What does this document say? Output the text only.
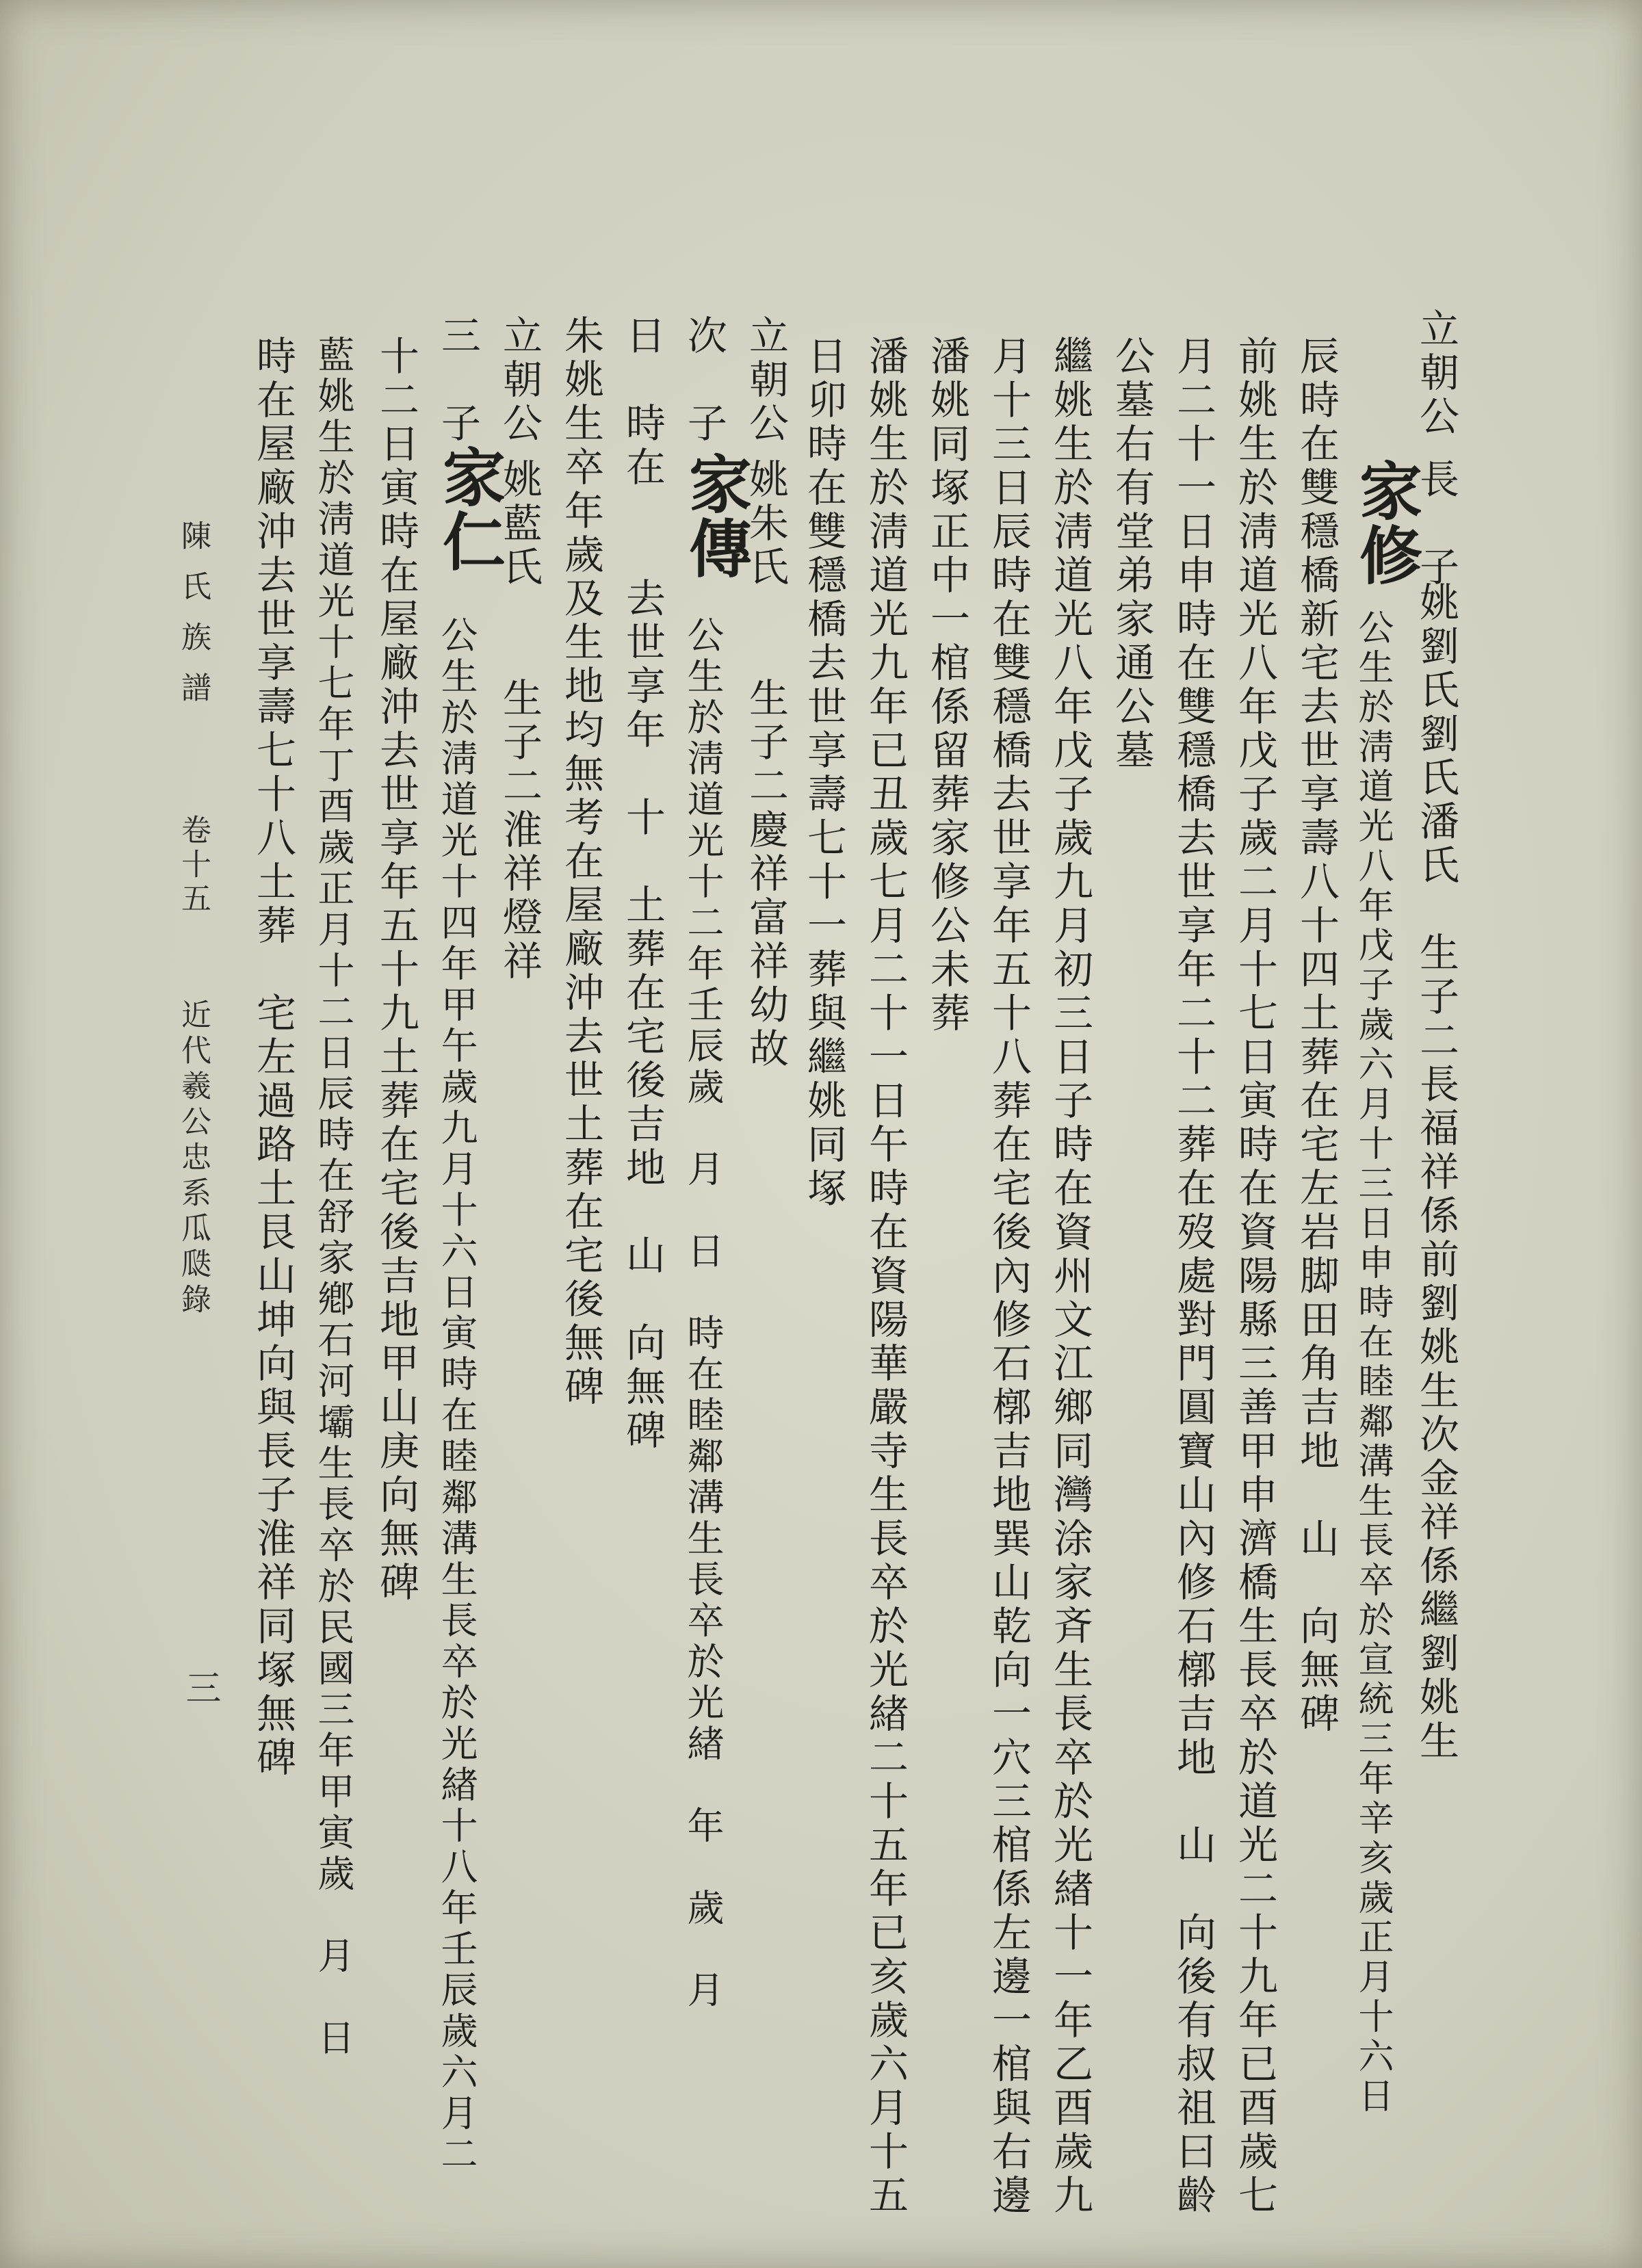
立朝公
長　子
家修
姚劉氏劉氏潘氏　生子二長福祥係前劉姚生次金祥係繼劉姚生
公生於淸道光八年戊子歲六月十三日申時在睦鄰溝生長卒於宣統三年辛亥歲正月十六日
辰時在雙穩橋新宅去世享壽八十四土葬在宅左岩脚田角吉地　山　向無碑
前姚生於淸道光八年戊子歲二月十七日寅時在資陽縣三善甲申濟橋生長卒於道光二十九年已酉歲七
月二十一日申時在雙穩橋去世享年二十二葬在歿處對門圓寶山內修石槨吉地　山　向後有叔祖曰齡
公墓右有堂弟家通公墓
繼姚生於淸道光八年戊子歲九月初三日子時在資州文江鄉同灣涂家斉生長卒於光緖十一年乙酉歲九
月十三日辰時在雙穩橋去世享年五十八葬在宅後內修石槨吉地巽山乾向一穴三棺係左邊一棺與右邊
潘姚同塚正中一棺係留葬家修公未葬
潘姚生於淸道光九年已丑歲七月二十一日午時在資陽華嚴寺生長卒於光緖二十五年已亥歲六月十五
日卯時在雙穩橋去世享壽七十一葬與繼姚同塚
立朝公
姚朱氏　　生子二慶祥富祥幼故
次　子
家傳
公生於淸道光十二年壬辰歲　月　日　時在睦鄰溝生長卒於光緖　年　歲　月
日　時在　　去世享年　十　土葬在宅後吉地　山　向無碑
朱姚生卒年歲及生地均無考在屋廠沖去世土葬在宅後無碑
立朝公
姚藍氏　　生子二淮祥燈祥
三　子
家仁
公生於淸道光十四年甲午歲九月十六日寅時在睦鄰溝生長卒於光緖十八年壬辰歲六月二
十二日寅時在屋廠沖去世享年五十九土葬在宅後吉地甲山庚向無碑
藍姚生於淸道光十七年丁酉歲正月十二日辰時在舒家鄕石河壩生長卒於民國三年甲寅歲　月　日
時在屋廠沖去世享壽七十八土葬　宅左過路土艮山坤向與長子淮祥同塚無碑
陳氏族譜
卷十五
近代羲公忠系瓜瓞錄
三
